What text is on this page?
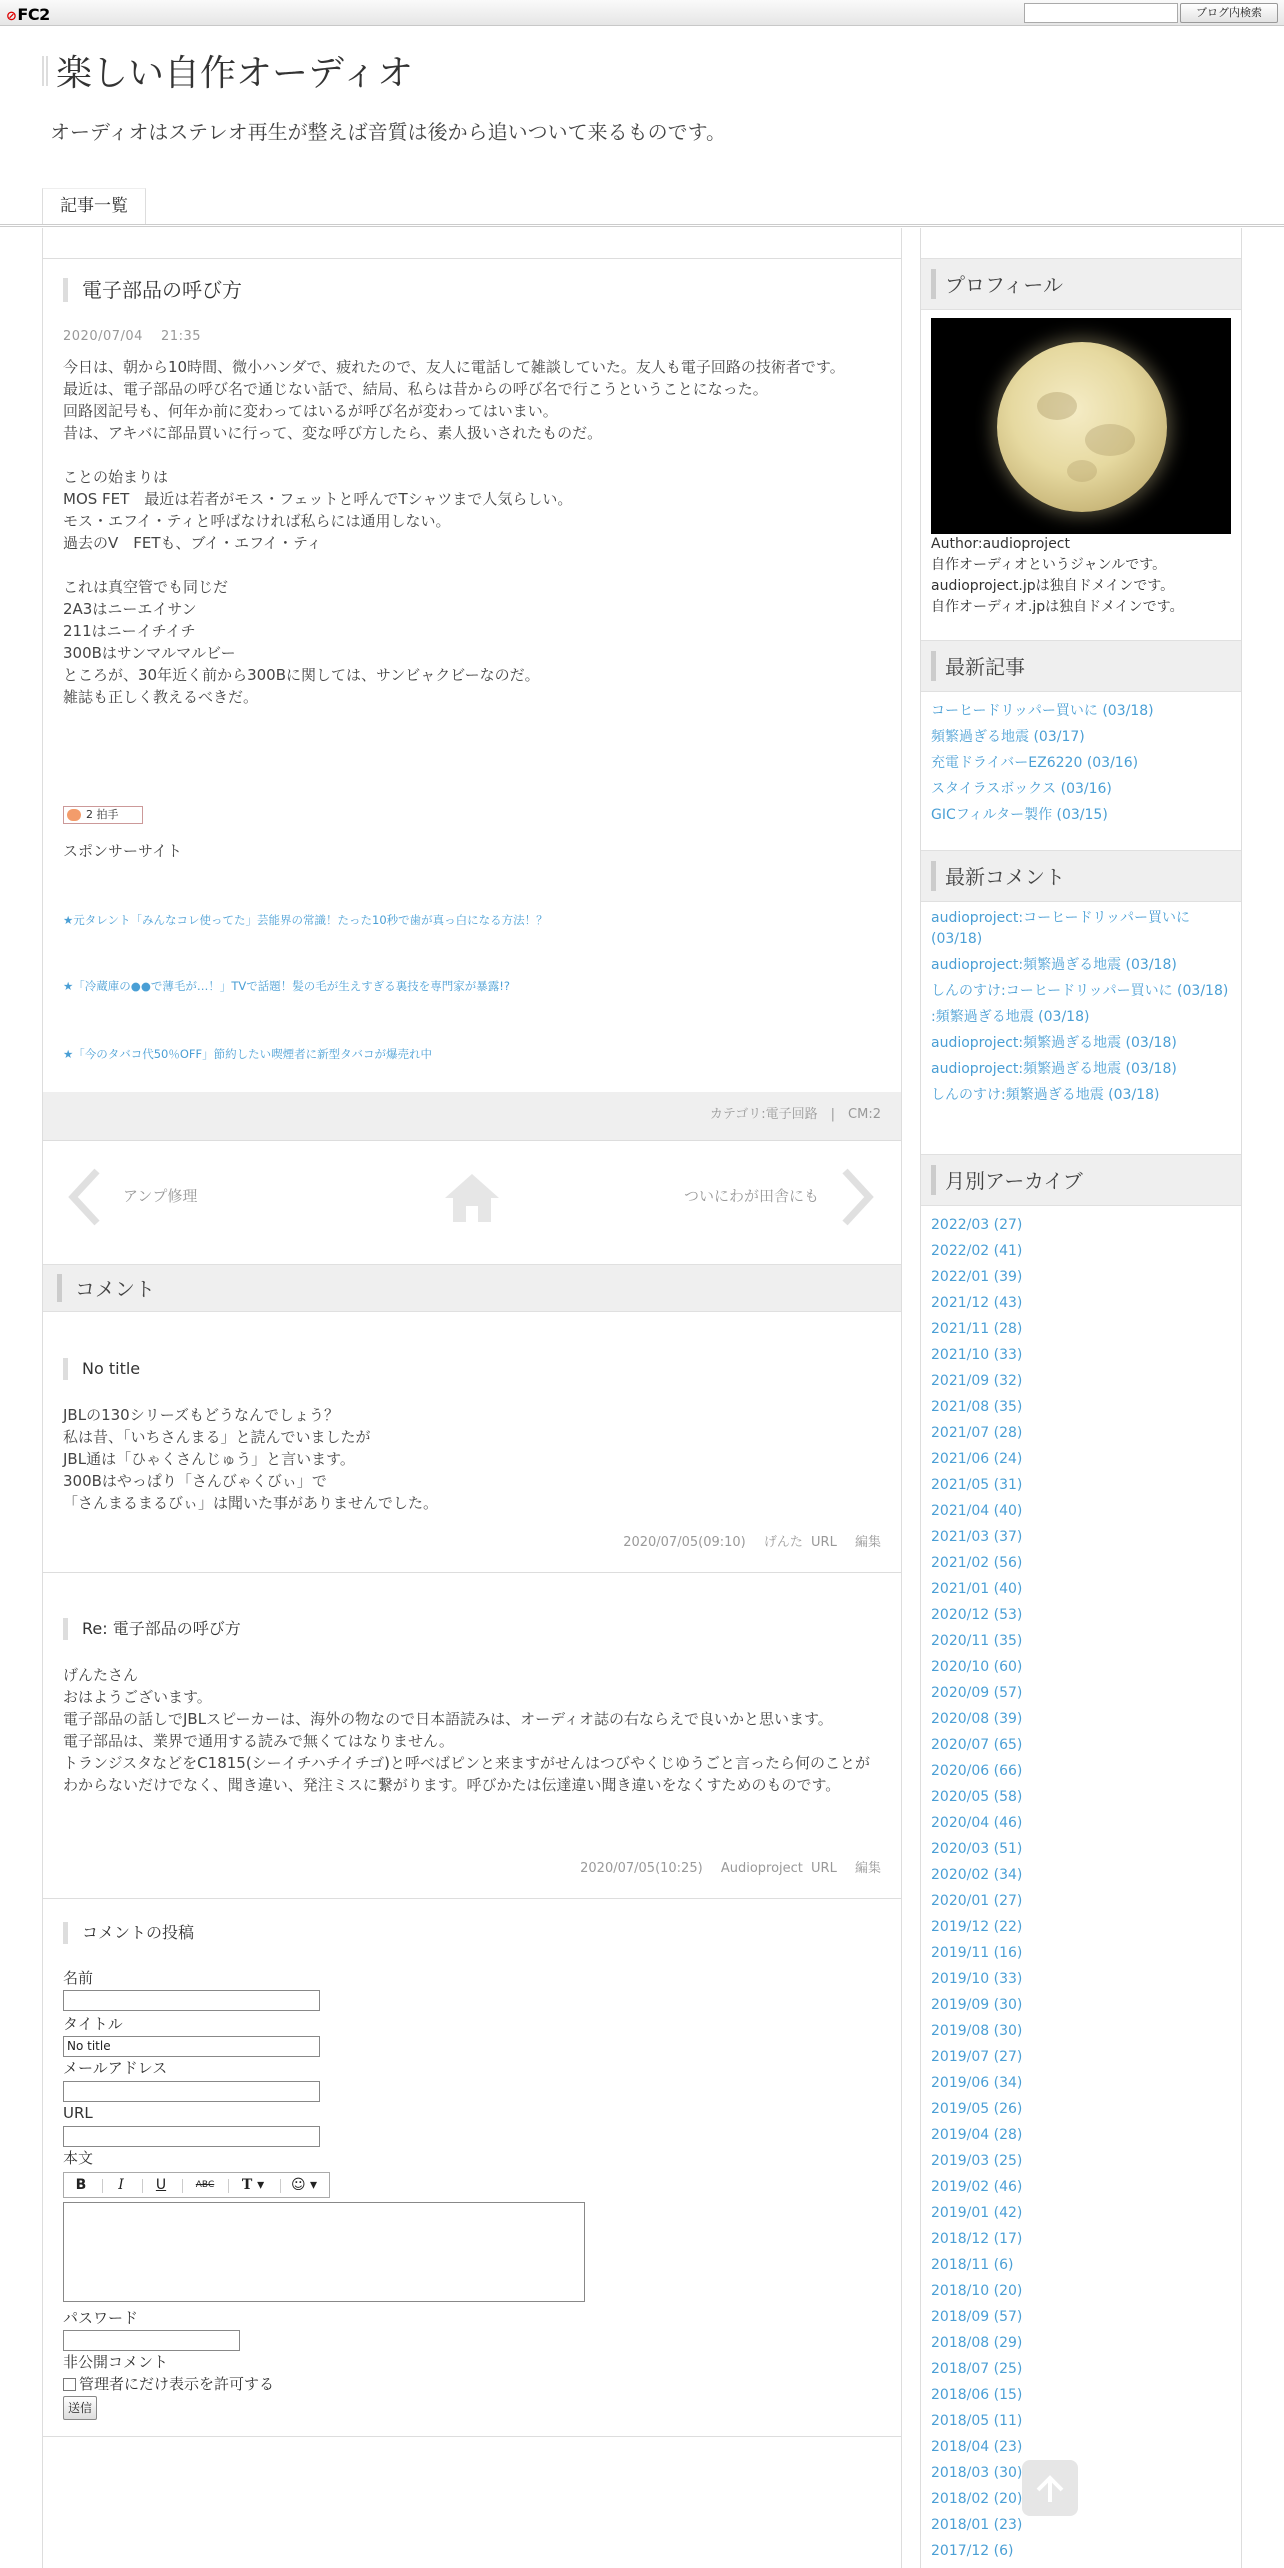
⊘FC2	ブログ内検索
楽しい自作オーディオ
オーディオはステレオ再生が整えば音質は後から追いついて来るものです。
記事一覧
電子部品の呼び方
2020/07/04　 21:35
今日は、朝から10時間、微小ハンダで、疲れたので、友人に電話して雑談していた。友人も電子回路の技術者です。
最近は、電子部品の呼び名で通じない話で、結局、私らは昔からの呼び名で行こうということになった。
回路図記号も、何年か前に変わってはいるが呼び名が変わってはいまい。
昔は、アキバに部品買いに行って、変な呼び方したら、素人扱いされたものだ。

ことの始まりは
MOS FET　最近は若者がモス・フェットと呼んでTシャツまで人気らしい。
モス・エフイ・ティと呼ばなければ私らには通用しない。
過去のV　FETも、ブイ・エフイ・ティ

これは真空管でも同じだ
2A3はニーエイサン
211はニーイチイチ
300Bはサンマルマルビー
ところが、30年近く前から300Bに関しては、サンビャクビーなのだ。
雑誌も正しく教えるべきだ。
2 拍手
スポンサーサイト
★元タレント「みんなコレ使ってた」芸能界の常識！たった10秒で歯が真っ白になる方法！？
★「冷蔵庫の●●で薄毛が…！」TVで話題！髪の毛が生えすぎる裏技を専門家が暴露!?
★「今のタバコ代50％OFF」節約したい喫煙者に新型タバコが爆売れ中
カテゴリ:電子回路　|　CM:2
アンプ修理	ついにわが田舎にも
コメント
No title
JBLの130シリーズもどうなんでしょう？
私は昔、「いちさんまる」と読んでいましたが
JBL通は「ひゃくさんじゅう」と言います。
300Bはやっぱり「さんびゃくびぃ」で
「さんまるまるびぃ」は聞いた事がありませんでした。
2020/07/05(09:10) げんた URL 編集
Re: 電子部品の呼び方
げんたさん
おはようございます。
電子部品の話しでJBLスピーカーは、海外の物なので日本語読みは、オーディオ誌の右ならえで良いかと思います。
電子部品は、業界で通用する読みで無くてはなりません。
トランジスタなどをC1815(シーイチハチイチゴ)と呼べばピンと来ますがせんはつびやくじゆうごと言ったら何のことがわからないだけでなく、聞き違い、発注ミスに繋がります。呼びかたは伝達違い聞き違いをなくすためのものです。
2020/07/05(10:25) Audioproject URL 編集
コメントの投稿
名前
タイトル
No title
メールアドレス
URL
本文
B	I	U	ABC	T ▾	☺ ▾
パスワード
非公開コメント
管理者にだけ表示を許可する
送信
プロフィール
Author:audioproject
自作オーディオというジャンルです。
audioproject.jpは独自ドメインです。
自作オーディオ.jpは独自ドメインです。
最新記事
コーヒードリッパー買いに (03/18)
頻繁過ぎる地震 (03/17)
充電ドライバーEZ6220 (03/16)
スタイラスボックス (03/16)
GICフィルター製作 (03/15)
最新コメント
audioproject:コーヒードリッパー買いに (03/18)
audioproject:頻繁過ぎる地震 (03/18)
しんのすけ:コーヒードリッパー買いに (03/18)
:頻繁過ぎる地震 (03/18)
audioproject:頻繁過ぎる地震 (03/18)
audioproject:頻繁過ぎる地震 (03/18)
しんのすけ:頻繁過ぎる地震 (03/18)
月別アーカイブ
2022/03 (27)
2022/02 (41)
2022/01 (39)
2021/12 (43)
2021/11 (28)
2021/10 (33)
2021/09 (32)
2021/08 (35)
2021/07 (28)
2021/06 (24)
2021/05 (31)
2021/04 (40)
2021/03 (37)
2021/02 (56)
2021/01 (40)
2020/12 (53)
2020/11 (35)
2020/10 (60)
2020/09 (57)
2020/08 (39)
2020/07 (65)
2020/06 (66)
2020/05 (58)
2020/04 (46)
2020/03 (51)
2020/02 (34)
2020/01 (27)
2019/12 (22)
2019/11 (16)
2019/10 (33)
2019/09 (30)
2019/08 (30)
2019/07 (27)
2019/06 (34)
2019/05 (26)
2019/04 (28)
2019/03 (25)
2019/02 (46)
2019/01 (42)
2018/12 (17)
2018/11 (6)
2018/10 (20)
2018/09 (57)
2018/08 (29)
2018/07 (25)
2018/06 (15)
2018/05 (11)
2018/04 (23)
2018/03 (30)
2018/02 (20)
2018/01 (23)
2017/12 (6)
